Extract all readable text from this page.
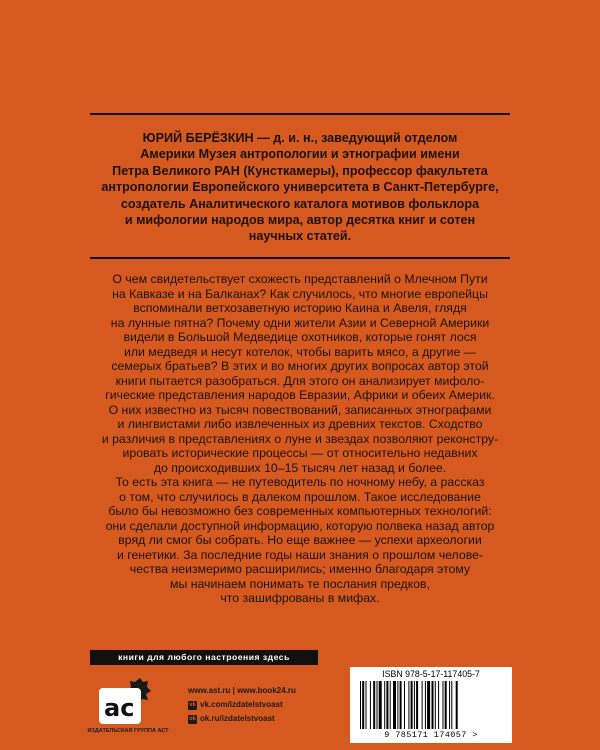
ЮРИЙ БЕРЁЗКИН — д. и. н., заведующий отделом
Америки Музея антропологии и этнографии имени
Петра Великого РАН (Кунсткамеры), профессор факультета
антропологии Европейского университета в Санкт-Петербурге,
создатель Аналитического каталога мотивов фольклора
и мифологии народов мира, автор десятка книг и сотен
научных статей.
О чем свидетельствует схожесть представлений о Млечном Пути
на Кавказе и на Балканах? Как случилось, что многие европейцы
вспоминали ветхозаветную историю Каина и Авеля, глядя
на лунные пятна? Почему одни жители Азии и Северной Америки
видели в Большой Медведице охотников, которые гонят лося
или медведя и несут котелок, чтобы варить мясо, а другие —
семерых братьев? В этих и во многих других вопросах автор этой
книги пытается разобраться. Для этого он анализирует мифоло-
гические представления народов Евразии, Африки и обеих Америк.
О них известно из тысяч повествований, записанных этнографами
и лингвистами либо извлеченных из древних текстов. Сходство
и различия в представлениях о луне и звездах позволяют реконстру-
ировать исторические процессы — от относительно недавних
до происходивших 10–15 тысяч лет назад и более.
То есть эта книга — не путеводитель по ночному небу, а рассказ
о том, что случилось в далеком прошлом. Такое исследование
было бы невозможно без современных компьютерных технологий:
они сделали доступной информацию, которую полвека назад автор
вряд ли смог бы собрать. Но еще важнее — успехи археологии
и генетики. За последние годы наши знания о прошлом челове-
чества неизмеримо расширились; именно благодаря этому
мы начинаем понимать те послания предков,
что зашифрованы в мифах.
книги для любого настроения здесь
ac
ИЗДАТЕЛЬСКАЯ ГРУППА АСТ
www.ast.ru | www.book24.ru
vk vk.com/izdatelstvoast
ok ok.ru/izdatelstvoast
ISBN 978-5-17-117405-7
9 785171 174057 >
